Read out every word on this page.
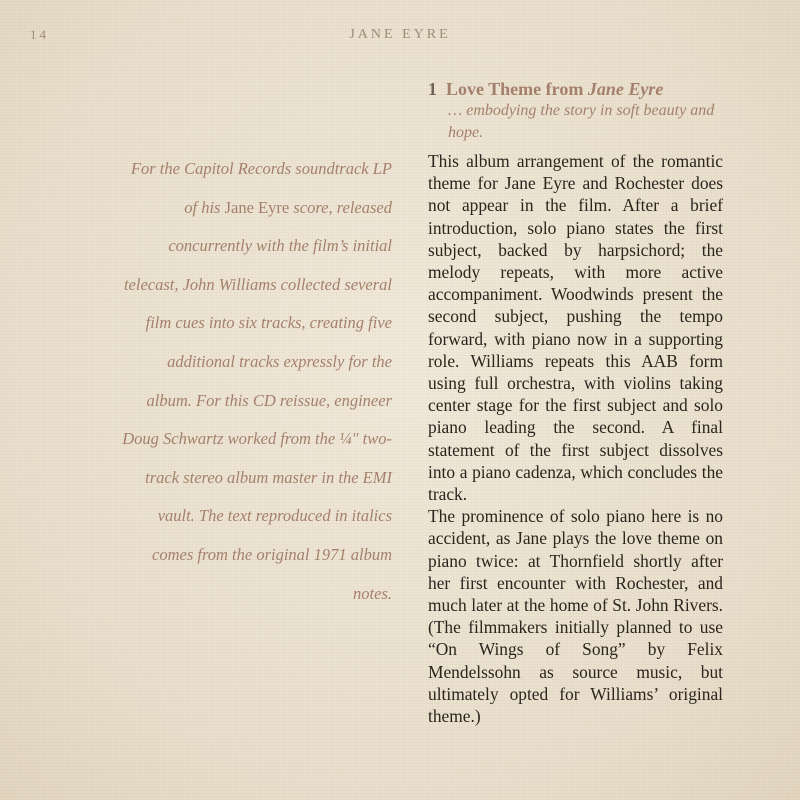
14	JANE EYRE
For the Capitol Records soundtrack LP of his Jane Eyre score, released concurrently with the film’s initial telecast, John Williams collected several film cues into six tracks, creating five additional tracks expressly for the album. For this CD reissue, engineer Doug Schwartz worked from the ¼″ two-track stereo album master in the EMI vault. The text reproduced in italics comes from the original 1971 album notes.
1 Love Theme from Jane Eyre
… embodying the story in soft beauty and hope.

This album arrangement of the romantic theme for Jane Eyre and Rochester does not appear in the film. After a brief introduction, solo piano states the first subject, backed by harpsichord; the melody repeats, with more active accompaniment. Woodwinds present the second subject, pushing the tempo forward, with piano now in a supporting role. Williams repeats this AAB form using full orchestra, with violins taking center stage for the first subject and solo piano leading the second. A final statement of the first subject dissolves into a piano cadenza, which concludes the track.

The prominence of solo piano here is no accident, as Jane plays the love theme on piano twice: at Thornfield shortly after her first encounter with Rochester, and much later at the home of St. John Rivers. (The filmmakers initially planned to use “On Wings of Song” by Felix Mendelssohn as source music, but ultimately opted for Williams’ original theme.)
